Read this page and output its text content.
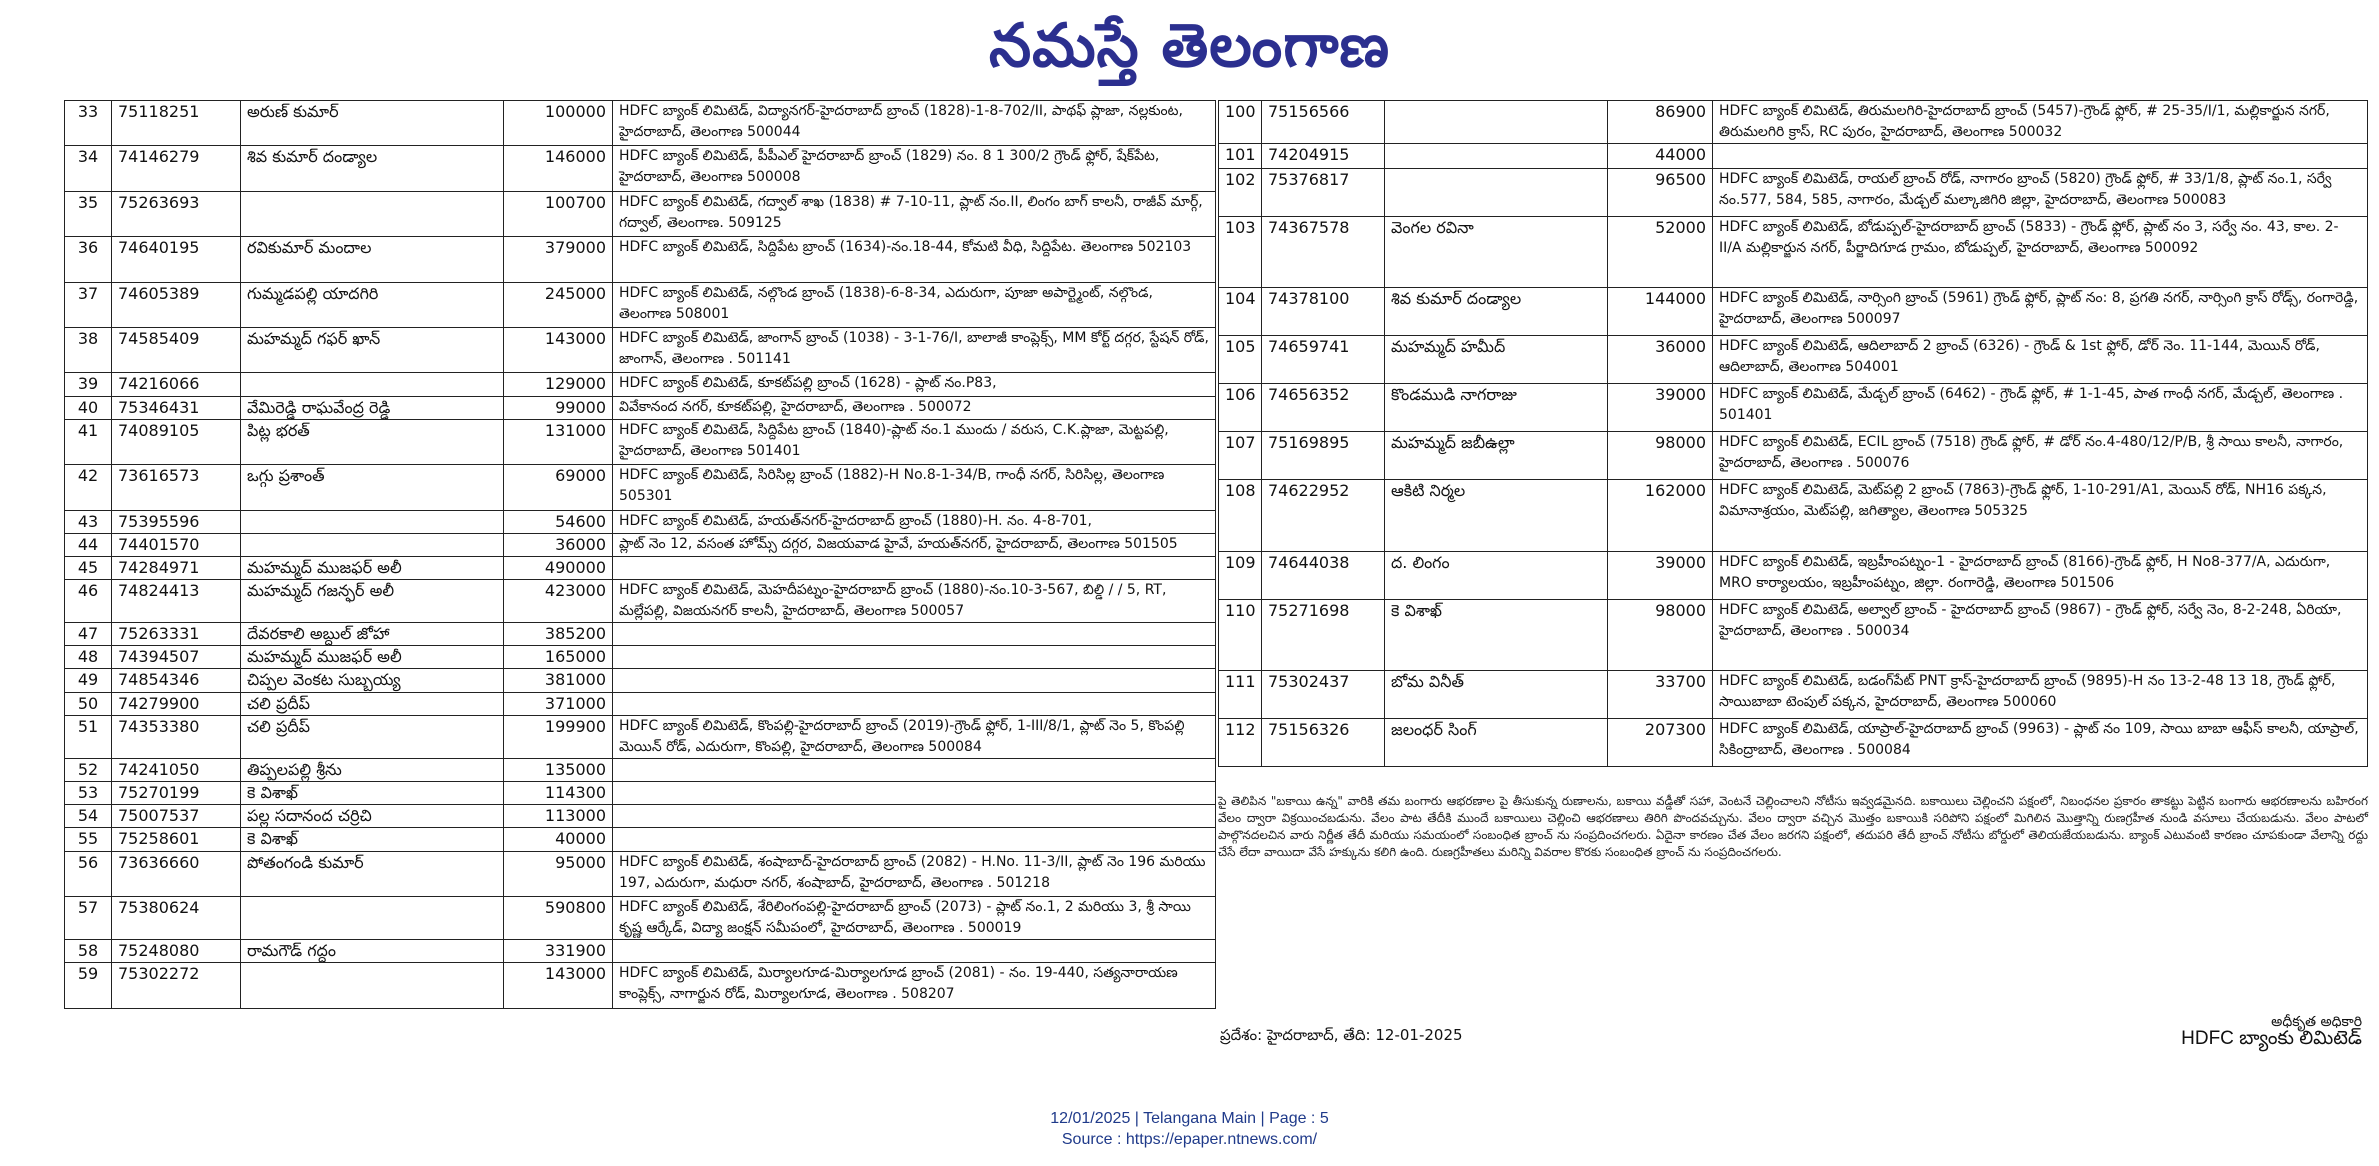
నమస్తే తెలంగాణ
33	75118251	అరుణ్ కుమార్	100000	HDFC బ్యాంక్ లిమిటెడ్, విద్యానగర్-హైదరాబాద్ బ్రాంచ్ (1828)-1-8-702/II, పాథఫ్ ప్లాజా, నల్లకుంట, హైదరాబాద్, తెలంగాణ 500044
34	74146279	శివ కుమార్ దండ్యాల	146000	HDFC బ్యాంక్ లిమిటెడ్, పీపీఎల్ హైదరాబాద్ బ్రాంచ్ (1829) నం. 8 1 300/2 గ్రౌండ్ ఫ్లోర్, షేక్‌పేట, హైదరాబాద్, తెలంగాణ 500008
35	75263693		100700	HDFC బ్యాంక్ లిమిటెడ్, గద్వాల్ శాఖ (1838) # 7-10-11, ప్లాట్ నం.II, లింగం బాగ్ కాలనీ, రాజీవ్ మార్గ్, గద్వాల్, తెలంగాణ. 509125
36	74640195	రవికుమార్ మందాల	379000	HDFC బ్యాంక్ లిమిటెడ్, సిద్దిపేట బ్రాంచ్ (1634)-నం.18-44, కోమటి వీధి, సిద్దిపేట. తెలంగాణ 502103
37	74605389	గుమ్మడపల్లి యాదగిరి	245000	HDFC బ్యాంక్ లిమిటెడ్, నల్గొండ బ్రాంచ్ (1838)-6-8-34, ఎదురుగా, పూజా అపార్ట్మెంట్, నల్గొండ, తెలంగాణ 508001
38	74585409	మహమ్మద్ గఫర్ ఖాన్	143000	HDFC బ్యాంక్ లిమిటెడ్, జాంగాన్ బ్రాంచ్ (1038) - 3-1-76/I, బాలాజీ కాంప్లెక్స్, MM కోర్ట్ దగ్గర, స్టేషన్ రోడ్, జాంగాన్, తెలంగాణ . 501141
39	74216066		129000	HDFC బ్యాంక్ లిమిటెడ్, కూకట్‌పల్లి బ్రాంచ్ (1628) - ప్లాట్ నం.P83,
40	75346431	వేమిరెడ్డి రాఘవేంద్ర రెడ్డి	99000	వివేకానంద నగర్, కూకట్‌పల్లి, హైదరాబాద్, తెలంగాణ . 500072
41	74089105	పిట్ల భరత్	131000	HDFC బ్యాంక్ లిమిటెడ్, సిద్దిపేట బ్రాంచ్ (1840)-ప్లాట్ నం.1 ముందు / వరుస, C.K.ప్లాజా, మెట్టపల్లి, హైదరాబాద్, తెలంగాణ 501401
42	73616573	ఒగ్గు ప్రశాంత్	69000	HDFC బ్యాంక్ లిమిటెడ్, సిరిసిల్ల బ్రాంచ్ (1882)-H No.8-1-34/B, గాంధీ నగర్, సిరిసిల్ల, తెలంగాణ 505301
43	75395596		54600	HDFC బ్యాంక్ లిమిటెడ్, హయత్‌నగర్-హైదరాబాద్ బ్రాంచ్ (1880)-H. నం. 4-8-701,
44	74401570		36000	ప్లాట్ నెం 12, వసంత హోమ్స్ దగ్గర, విజయవాడ హైవే, హయత్‌నగర్, హైదరాబాద్, తెలంగాణ 501505
45	74284971	మహమ్మద్ ముజఫర్ అలీ	490000	
46	74824413	మహమ్మద్ గజన్ఫర్ అలీ	423000	HDFC బ్యాంక్ లిమిటెడ్, మెహదీపట్నం-హైదరాబాద్ బ్రాంచ్ (1880)-నం.10-3-567, బిల్డి / / 5, RT, మల్లేపల్లి, విజయనగర్ కాలనీ, హైదరాబాద్, తెలంగాణ 500057
47	75263331	దేవరకాలి అబ్దుల్ జోహా	385200	
48	74394507	మహమ్మద్ ముజఫర్ అలీ	165000	
49	74854346	చిప్పల వెంకట సుబ్బయ్య	381000	
50	74279900	చలి ప్రదీప్	371000	
51	74353380	చలి ప్రదీప్	199900	HDFC బ్యాంక్ లిమిటెడ్, కొంపల్లి-హైదరాబాద్ బ్రాంచ్ (2019)-గ్రౌండ్ ఫ్లోర్, 1-III/8/1, ప్లాట్ నెం 5, కొంపల్లి మెయిన్ రోడ్, ఎదురుగా, కొంపల్లి, హైదరాబాద్, తెలంగాణ 500084
52	74241050	తిప్పలపల్లి శ్రీను	135000	
53	75270199	కె విశాఖ్	114300	
54	75007537	పల్ల సదానంద చర్రిచి	113000	
55	75258601	కె విశాఖ్	40000	
56	73636660	పోతంగండి కుమార్	95000	HDFC బ్యాంక్ లిమిటెడ్, శంషాబాద్-హైదరాబాద్ బ్రాంచ్ (2082) - H.No. 11-3/II, ప్లాట్ నెం 196 మరియు 197, ఎదురుగా, మధురా నగర్, శంషాబాద్, హైదరాబాద్, తెలంగాణ . 501218
57	75380624		590800	HDFC బ్యాంక్ లిమిటెడ్, శేరిలింగంపల్లి-హైదరాబాద్ బ్రాంచ్ (2073) - ప్లాట్ నం.1, 2 మరియు 3, శ్రీ సాయి కృష్ణ ఆర్కేడ్, విద్యా జంక్షన్ సమీపంలో, హైదరాబాద్, తెలంగాణ . 500019
58	75248080	రామగౌడ్ గద్దం	331900	
59	75302272		143000	HDFC బ్యాంక్ లిమిటెడ్, మిర్యాలగూడ-మిర్యాలగూడ బ్రాంచ్ (2081) - నం. 19-440, సత్యనారాయణ కాంప్లెక్స్, నాగార్జున రోడ్, మిర్యాలగూడ, తెలంగాణ . 508207
100	75156566		86900	HDFC బ్యాంక్ లిమిటెడ్, తిరుమలగిరి-హైదరాబాద్ బ్రాంచ్ (5457)-గ్రౌండ్ ఫ్లోర్, # 25-35/I/1, మల్లికార్జున నగర్, తిరుమలగిరి క్రాస్, RC పురం, హైదరాబాద్, తెలంగాణ 500032
101	74204915		44000	
102	75376817		96500	HDFC బ్యాంక్ లిమిటెడ్, రాయల్ బ్రాంచ్ రోడ్, నాగారం బ్రాంచ్ (5820) గ్రౌండ్ ఫ్లోర్, # 33/1/8, ప్లాట్ నం.1, సర్వే నం.577, 584, 585, నాగారం, మేడ్చల్ మల్కాజిగిరి జిల్లా, హైదరాబాద్, తెలంగాణ 500083
103	74367578	వెంగల రవినా	52000	HDFC బ్యాంక్ లిమిటెడ్, బోడుప్పల్-హైదరాబాద్ బ్రాంచ్ (5833) - గ్రౌండ్ ఫ్లోర్, ప్లాట్ నం 3, సర్వే నం. 43, కాల. 2- II/A మల్లికార్జున నగర్, పీర్జాదిగూడ గ్రామం, బోడుప్పల్, హైదరాబాద్, తెలంగాణ 500092
104	74378100	శివ కుమార్ దండ్యాల	144000	HDFC బ్యాంక్ లిమిటెడ్, నార్సింగి బ్రాంచ్ (5961) గ్రౌండ్ ఫ్లోర్, ప్లాట్ నం: 8, ప్రగతి నగర్, నార్సింగి క్రాస్ రోడ్స్, రంగారెడ్డి, హైదరాబాద్, తెలంగాణ 500097
105	74659741	మహమ్మద్ హమీద్	36000	HDFC బ్యాంక్ లిమిటెడ్, ఆదిలాబాద్ 2 బ్రాంచ్ (6326) - గ్రౌండ్ & 1st ఫ్లోర్, డోర్ నెం. 11-144, మెయిన్ రోడ్, ఆదిలాబాద్, తెలంగాణ 504001
106	74656352	కొండముడి నాగరాజు	39000	HDFC బ్యాంక్ లిమిటెడ్, మేడ్చల్ బ్రాంచ్ (6462) - గ్రౌండ్ ఫ్లోర్, # 1-1-45, పాత గాంధీ నగర్, మేడ్చల్, తెలంగాణ . 501401
107	75169895	మహమ్మద్ జబీఉల్లా	98000	HDFC బ్యాంక్ లిమిటెడ్, ECIL బ్రాంచ్ (7518) గ్రౌండ్ ఫ్లోర్, # డోర్ నం.4-480/12/P/B, శ్రీ సాయి కాలనీ, నాగారం, హైదరాబాద్, తెలంగాణ . 500076
108	74622952	ఆకిటి నిర్మల	162000	HDFC బ్యాంక్ లిమిటెడ్, మెట్‌పల్లి 2 బ్రాంచ్ (7863)-గ్రౌండ్ ఫ్లోర్, 1-10-291/A1, మెయిన్ రోడ్, NH16 పక్కన, విమానాశ్రయం, మెట్‌పల్లి, జగిత్యాల, తెలంగాణ 505325
109	74644038	ద. లింగం	39000	HDFC బ్యాంక్ లిమిటెడ్, ఇబ్రహీంపట్నం-1 - హైదరాబాద్ బ్రాంచ్ (8166)-గ్రౌండ్ ఫ్లోర్, H No8-377/A, ఎదురుగా, MRO కార్యాలయం, ఇబ్రహీంపట్నం, జిల్లా. రంగారెడ్డి, తెలంగాణ 501506
110	75271698	కె విశాఖ్	98000	HDFC బ్యాంక్ లిమిటెడ్, అల్వాల్ బ్రాంచ్ - హైదరాబాద్ బ్రాంచ్ (9867) - గ్రౌండ్ ఫ్లోర్, సర్వే నెం, 8-2-248, ఏరియా, హైదరాబాద్, తెలంగాణ . 500034
111	75302437	బోమ వినీత్	33700	HDFC బ్యాంక్ లిమిటెడ్, బడంగ్‌పేట్ PNT క్రాస్-హైదరాబాద్ బ్రాంచ్ (9895)-H నం 13-2-48 13 18, గ్రౌండ్ ఫ్లోర్, సాయిబాబా టెంపుల్ పక్కన, హైదరాబాద్, తెలంగాణ 500060
112	75156326	జలంధర్ సింగ్	207300	HDFC బ్యాంక్ లిమిటెడ్, యాప్రాల్-హైదరాబాద్ బ్రాంచ్ (9963) - ప్లాట్ నం 109, సాయి బాబా ఆఫీస్ కాలనీ, యాప్రాల్, సికింద్రాబాద్, తెలంగాణ . 500084
పై తెలిపిన "బకాయి ఉన్న" వారికి తమ బంగారు ఆభరణాల పై తీసుకున్న రుణాలను, బకాయి వడ్డీతో సహా, వెంటనే చెల్లించాలని నోటీసు ఇవ్వడమైనది. బకాయిలు చెల్లించని పక్షంలో, నిబంధనల ప్రకారం తాకట్టు పెట్టిన బంగారు ఆభరణాలను బహిరంగ వేలం ద్వారా విక్రయించబడును. వేలం పాట తేదీకి ముందే బకాయిలు చెల్లించి ఆభరణాలు తిరిగి పొందవచ్చును. వేలం ద్వారా వచ్చిన మొత్తం బకాయికి సరిపోని పక్షంలో మిగిలిన మొత్తాన్ని రుణగ్రహీత నుండి వసూలు చేయబడును. వేలం పాటలో పాల్గొనదలచిన వారు నిర్ణీత తేదీ మరియు సమయంలో సంబంధిత బ్రాంచ్ ను సంప్రదించగలరు. ఏదైనా కారణం చేత వేలం జరగని పక్షంలో, తదుపరి తేదీ బ్రాంచ్ నోటీసు బోర్డులో తెలియజేయబడును. బ్యాంక్ ఎటువంటి కారణం చూపకుండా వేలాన్ని రద్దు చేసే లేదా వాయిదా వేసే హక్కును కలిగి ఉంది. రుణగ్రహీతలు మరిన్ని వివరాల కొరకు సంబంధిత బ్రాంచ్ ను సంప్రదించగలరు.
ప్రదేశం: హైదరాబాద్, తేది: 12-01-2025
అధీకృత అధికారి
HDFC బ్యాంకు లిమిటెడ్
12/01/2025 | Telangana Main | Page : 5
Source : https://epaper.ntnews.com/
